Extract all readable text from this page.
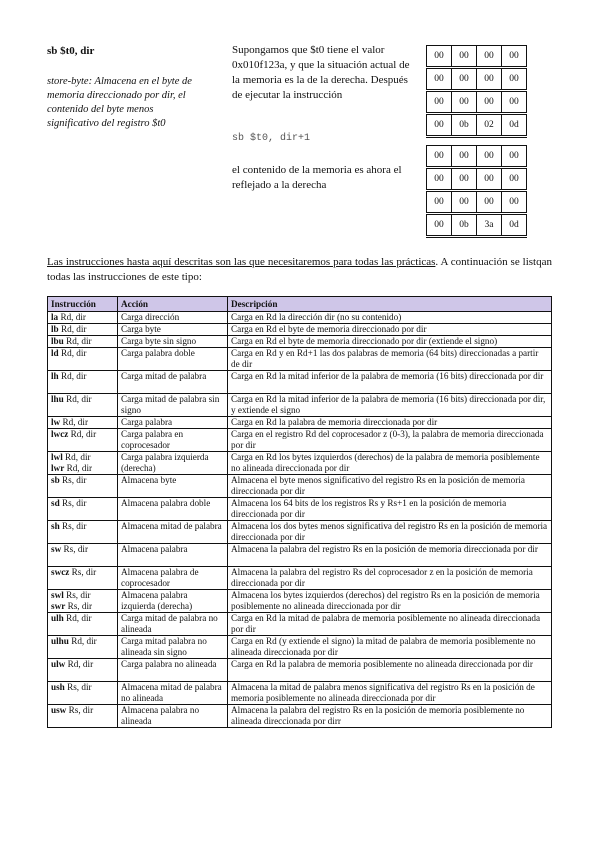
sb $t0, dir
store-byte: Almacena en el byte de memoria direccionado por dir, el contenido del byte menos significativo del registro $t0
Supongamos que $t0 tiene el valor 0x010f123a, y que la situación actual de la memoria es la de la derecha. Después de ejecutar la instrucción
sb $t0, dir+1
el contenido de la memoria es ahora el reflejado a la derecha
00	00	00	00
00	00	00	00
00	00	00	00
00	0b	02	0d
00	00	00	00
00	00	00	00
00	00	00	00
00	0b	3a	0d
Las instrucciones hasta aquí descritas son las que necesitaremos para todas las prácticas. A continuación se listqan todas las instrucciones de este tipo:
Instrucción	Acción	Descripción
la Rd, dir	Carga dirección	Carga en Rd la dirección dir (no su contenido)
lb Rd, dir	Carga byte	Carga en Rd el byte de memoria direccionado por dir
lbu Rd, dir	Carga byte sin signo	Carga en Rd el byte de memoria direccionado por dir (extiende el signo)
ld Rd, dir	Carga palabra doble	Carga en Rd y en Rd+1 las dos palabras de memoria (64 bits) direccionadas a partir de dir
lh Rd, dir	Carga mitad de palabra	Carga en Rd la mitad inferior de la palabra de memoria (16 bits) direccionada por dir
lhu Rd, dir	Carga mitad de palabra sin signo	Carga en Rd la mitad inferior de la palabra de memoria (16 bits) direccionada por dir, y extiende el signo
lw Rd, dir	Carga palabra	Carga en Rd la palabra de memoria direccionada por dir
lwcz Rd, dir	Carga palabra en coprocesador	Carga en el registro Rd del coprocesador z (0-3), la palabra de memoria direccionada por dir
lwl Rd, dir
lwr Rd, dir	Carga palabra izquierda (derecha)	Carga en Rd los bytes izquierdos (derechos) de la palabra de memoria posiblemente no alineada direccionada por dir
sb Rs, dir	Almacena byte	Almacena el byte menos significativo del registro Rs en la posición de memoria direccionada por dir
sd Rs, dir	Almacena palabra doble	Almacena los 64 bits de los registros Rs y Rs+1 en la posición de memoria direccionada por dir
sh Rs, dir	Almacena mitad de palabra	Almacena los dos bytes menos significativa del registro Rs en la posición de memoria direccionada por dir
sw Rs, dir	Almacena palabra	Almacena la palabra del registro Rs en la posición de memoria direccionada por dir
swcz Rs, dir	Almacena palabra de coprocesador	Almacena la palabra del registro Rs del coprocesador z en la posición de memoria direccionada por dir
swl Rs, dir
swr Rs, dir	Almacena palabra izquierda (derecha)	Almacena los bytes izquierdos (derechos) del registro Rs en la posición de memoria posiblemente no alineada direccionada por dir
ulh Rd, dir	Carga mitad de palabra no alineada	Carga en Rd la mitad de palabra de memoria posiblemente no alineada direccionada por dir
ulhu Rd, dir	Carga mitad palabra no alineada sin signo	Carga en Rd (y extiende el signo) la mitad de palabra de memoria posiblemente no alineada direccionada por dir
ulw Rd, dir	Carga palabra no alineada	Carga en Rd la palabra de memoria posiblemente no alineada direccionada por dir
ush Rs, dir	Almacena mitad de palabra no alineada	Almacena la mitad de palabra menos significativa del registro Rs en la posición de memoria posiblemente no alineada direccionada por dir
usw Rs, dir	Almacena palabra no alineada	Almacena la palabra del registro Rs en la posición de memoria posiblemente no alineada direccionada por dirr
